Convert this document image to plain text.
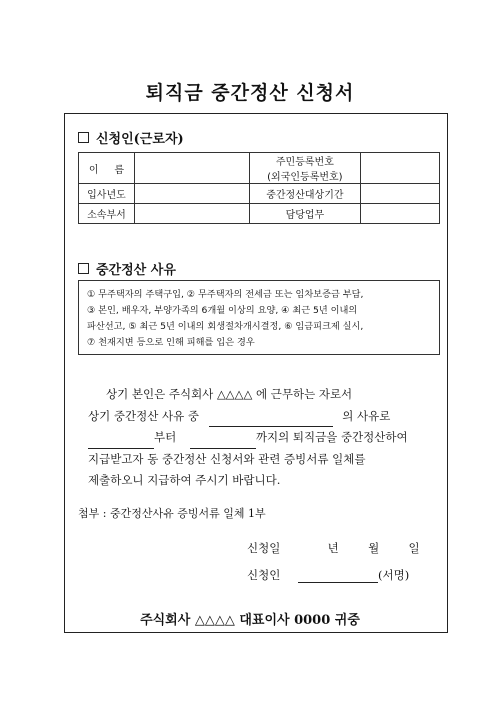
퇴직금 중간정산 신청서
신청인(근로자)
이     름		주민등록번호
(외국인등록번호)	

입사년도		중간정산대상기간	
소속부서		담당업무	
중간정산 사유

① 무주택자의 주택구입, ② 무주택자의 전세금 또는 임차보증금 부담,

③ 본인, 배우자, 부양가족의 6개월 이상의 요양, ④ 최근 5년 이내의

파산선고, ⑤ 최근 5년 이내의 회생절차개시결정, ⑥ 임금피크제 실시,

⑦ 천재지변 등으로 인해 피해를 입은 경우

상기 본인은 주식회사 △△△△ 에 근무하는 자로서

상기 중간정산 사유 중	의 사유로

부터	까지의 퇴직금을 중간정산하여

지급받고자 동 중간정산 신청서와 관련 증빙서류 일체를

제출하오니 지급하여 주시기 바랍니다.

첨부 : 중간정산사유 증빙서류 일체 1부
신청일	년	월	일
신청인	(서명)
주식회사 △△△△ 대표이사 0000 귀중
